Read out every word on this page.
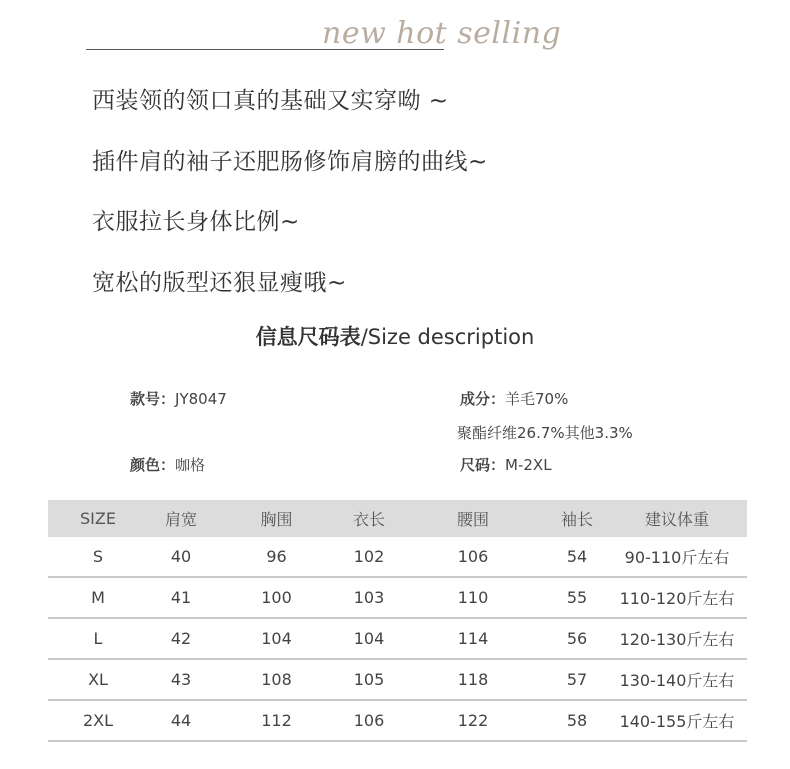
new hot selling
西装领的领口真的基础又实穿呦 ~
插件肩的袖子还肥肠修饰肩膀的曲线~
衣服拉长身体比例~
宽松的版型还狠显瘦哦~
信息尺码表/Size description
款号：JY8047	成分：羊毛70%
聚酯纤维26.7%其他3.3%
颜色：咖格	尺码：M-2XL
SIZE	肩宽	胸围	衣长	腰围	袖长	建议体重
S	40	96	102	106	54	90-110斤左右
M	41	100	103	110	55	110-120斤左右
L	42	104	104	114	56	120-130斤左右
XL	43	108	105	118	57	130-140斤左右
2XL	44	112	106	122	58	140-155斤左右
